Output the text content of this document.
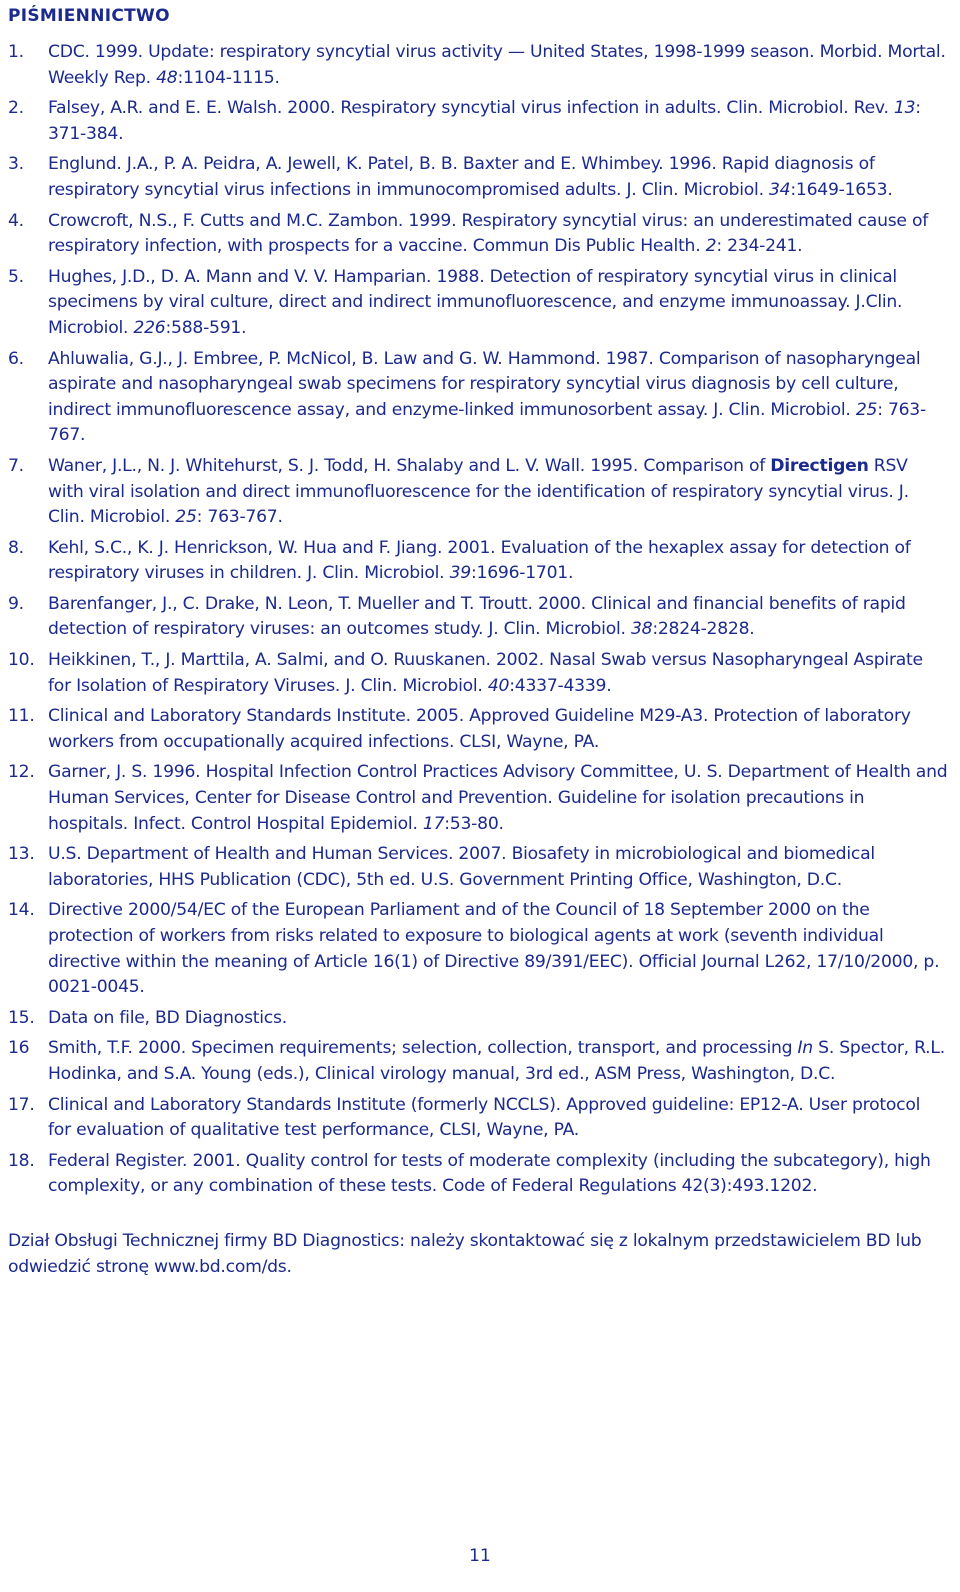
PIŚMIENNICTWO
1. CDC. 1999. Update: respiratory syncytial virus activity — United States, 1998-1999 season. Morbid. Mortal. Weekly Rep. 48:1104-1115.
2. Falsey, A.R. and E. E. Walsh. 2000. Respiratory syncytial virus infection in adults. Clin. Microbiol. Rev. 13: 371-384.
3. Englund. J.A., P. A. Peidra, A. Jewell, K. Patel, B. B. Baxter and E. Whimbey. 1996. Rapid diagnosis of respiratory syncytial virus infections in immunocompromised adults. J. Clin. Microbiol. 34:1649-1653.
4. Crowcroft, N.S., F. Cutts and M.C. Zambon. 1999. Respiratory syncytial virus: an underestimated cause of respiratory infection, with prospects for a vaccine. Commun Dis Public Health. 2: 234-241.
5. Hughes, J.D., D. A. Mann and V. V. Hamparian. 1988. Detection of respiratory syncytial virus in clinical specimens by viral culture, direct and indirect immunofluorescence, and enzyme immunoassay. J.Clin. Microbiol. 226:588-591.
6. Ahluwalia, G.J., J. Embree, P. McNicol, B. Law and G. W. Hammond. 1987. Comparison of nasopharyngeal aspirate and nasopharyngeal swab specimens for respiratory syncytial virus diagnosis by cell culture, indirect immunofluorescence assay, and enzyme-linked immunosorbent assay. J. Clin. Microbiol. 25: 763-767.
7. Waner, J.L., N. J. Whitehurst, S. J. Todd, H. Shalaby and L. V. Wall. 1995. Comparison of Directigen RSV with viral isolation and direct immunofluorescence for the identification of respiratory syncytial virus. J. Clin. Microbiol. 25: 763-767.
8. Kehl, S.C., K. J. Henrickson, W. Hua and F. Jiang. 2001. Evaluation of the hexaplex assay for detection of respiratory viruses in children. J. Clin. Microbiol. 39:1696-1701.
9. Barenfanger, J., C. Drake, N. Leon, T. Mueller and T. Troutt. 2000. Clinical and financial benefits of rapid detection of respiratory viruses: an outcomes study. J. Clin. Microbiol. 38:2824-2828.
10. Heikkinen, T., J. Marttila, A. Salmi, and O. Ruuskanen. 2002. Nasal Swab versus Nasopharyngeal Aspirate for Isolation of Respiratory Viruses. J. Clin. Microbiol. 40:4337-4339.
11. Clinical and Laboratory Standards Institute. 2005. Approved Guideline M29-A3. Protection of laboratory workers from occupationally acquired infections. CLSI, Wayne, PA.
12. Garner, J. S. 1996. Hospital Infection Control Practices Advisory Committee, U. S. Department of Health and Human Services, Center for Disease Control and Prevention. Guideline for isolation precautions in hospitals. Infect. Control Hospital Epidemiol. 17:53-80.
13. U.S. Department of Health and Human Services. 2007. Biosafety in microbiological and biomedical laboratories, HHS Publication (CDC), 5th ed. U.S. Government Printing Office, Washington, D.C.
14. Directive 2000/54/EC of the European Parliament and of the Council of 18 September 2000 on the protection of workers from risks related to exposure to biological agents at work (seventh individual directive within the meaning of Article 16(1) of Directive 89/391/EEC). Official Journal L262, 17/10/2000, p. 0021-0045.
15. Data on file, BD Diagnostics.
16 Smith, T.F. 2000. Specimen requirements; selection, collection, transport, and processing In S. Spector, R.L. Hodinka, and S.A. Young (eds.), Clinical virology manual, 3rd ed., ASM Press, Washington, D.C.
17. Clinical and Laboratory Standards Institute (formerly NCCLS). Approved guideline: EP12-A. User protocol for evaluation of qualitative test performance, CLSI, Wayne, PA.
18. Federal Register. 2001. Quality control for tests of moderate complexity (including the subcategory), high complexity, or any combination of these tests. Code of Federal Regulations 42(3):493.1202.
Dział Obsługi Technicznej firmy BD Diagnostics: należy skontaktować się z lokalnym przedstawicielem BD lub odwiedzić stronę www.bd.com/ds.
11
